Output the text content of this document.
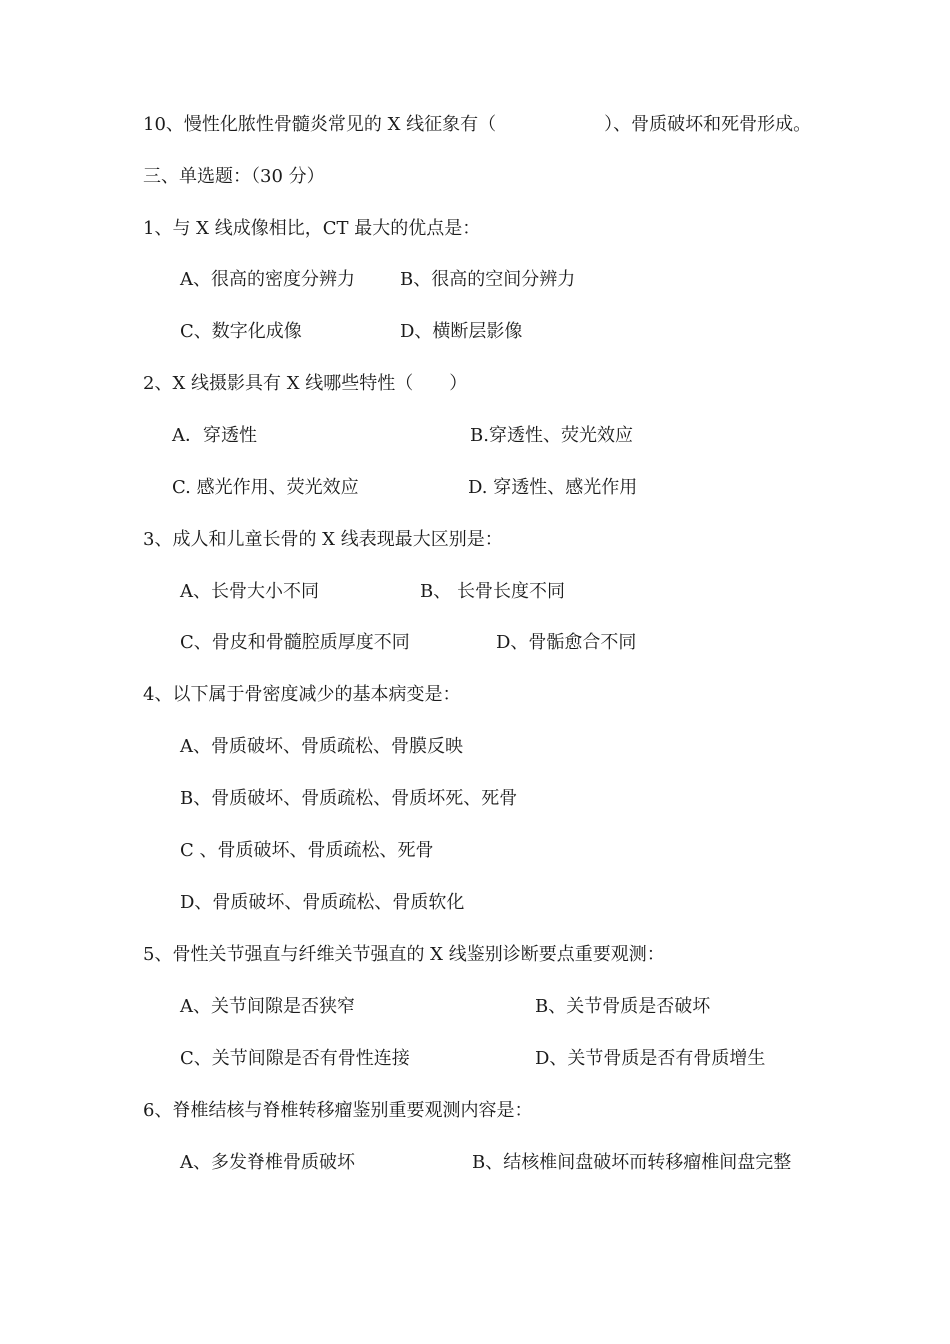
10、慢性化脓性骨髓炎常见的 X 线征象有（	）、骨质破坏和死骨形成。
三、单选题：（30 分）
1、与 X 线成像相比，CT 最大的优点是：
A、很高的密度分辨力	B、很高的空间分辨力
C、数字化成像	D、横断层影像
2、X 线摄影具有 X 线哪些特性（　　）
A．穿透性	B.穿透性、荧光效应
C. 感光作用、荧光效应	D. 穿透性、感光作用
3、成人和儿童长骨的 X 线表现最大区别是：
A、长骨大小不同	B、 长骨长度不同
C、骨皮和骨髓腔质厚度不同	D、骨骺愈合不同
4、以下属于骨密度减少的基本病变是：
A、骨质破坏、骨质疏松、骨膜反映
B、骨质破坏、骨质疏松、骨质坏死、死骨
C 、骨质破坏、骨质疏松、死骨
D、骨质破坏、骨质疏松、骨质软化
5、骨性关节强直与纤维关节强直的 X 线鉴别诊断要点重要观测：
A、关节间隙是否狭窄	B、关节骨质是否破坏
C、关节间隙是否有骨性连接	D、关节骨质是否有骨质增生
6、脊椎结核与脊椎转移瘤鉴别重要观测内容是：
A、多发脊椎骨质破坏	B、结核椎间盘破坏而转移瘤椎间盘完整
